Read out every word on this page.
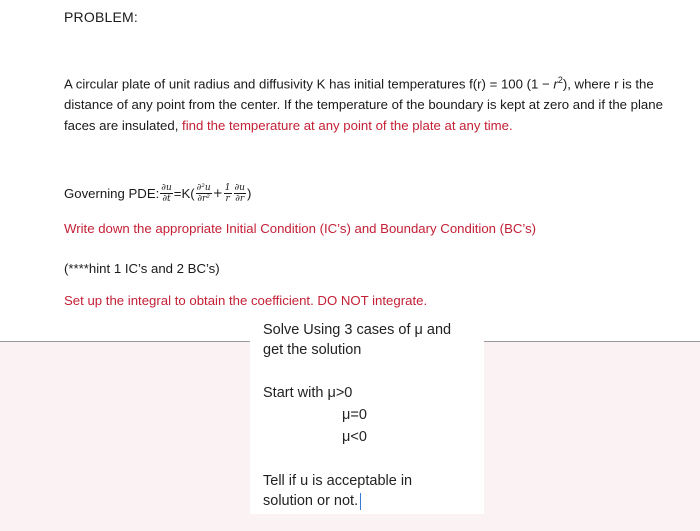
PROBLEM:
A circular plate of unit radius and diffusivity K has initial temperatures f(r) = 100 $(1 - r^2)$, where r is the distance of any point from the center. If the temperature of the boundary is kept at zero and if the plane faces are insulated, find the temperature at any point of the plate at any time.
Governing PDE: $\frac{\partial u}{\partial t} =K( \frac{\text{∂²u}}{\text{∂r²}} + \frac{1}{r} \frac{\partial u}{\partial r}$ )
Write down the appropriate Initial Condition (IC’s) and Boundary Condition (BC’s)
(****hint 1 IC’s and 2 BC’s)
Set up the integral to obtain the coefficient. DO NOT integrate.
Solve Using 3 cases of μ and
get the solution
Start with μ>0
μ=0
μ<0
Tell if u is acceptable in
solution or not.
